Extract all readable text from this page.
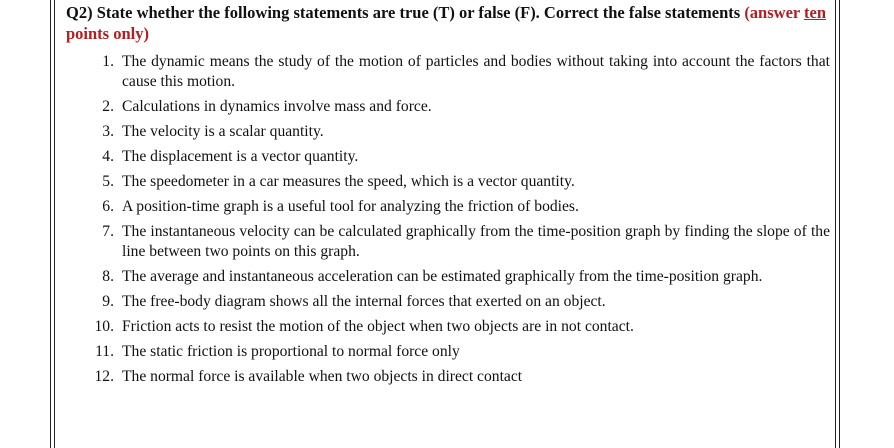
Q2) State whether the following statements are true (T) or false (F). Correct the false statements (answer ten points only)

1. The dynamic means the study of the motion of particles and bodies without taking into account the factors that cause this motion.
2. Calculations in dynamics involve mass and force.
3. The velocity is a scalar quantity.
4. The displacement is a vector quantity.
5. The speedometer in a car measures the speed, which is a vector quantity.
6. A position-time graph is a useful tool for analyzing the friction of bodies.
7. The instantaneous velocity can be calculated graphically from the time-position graph by finding the slope of the line between two points on this graph.
8. The average and instantaneous acceleration can be estimated graphically from the time-position graph.
9. The free-body diagram shows all the internal forces that exerted on an object.
10. Friction acts to resist the motion of the object when two objects are in not contact.
11. The static friction is proportional to normal force only
12. The normal force is available when two objects in direct contact
